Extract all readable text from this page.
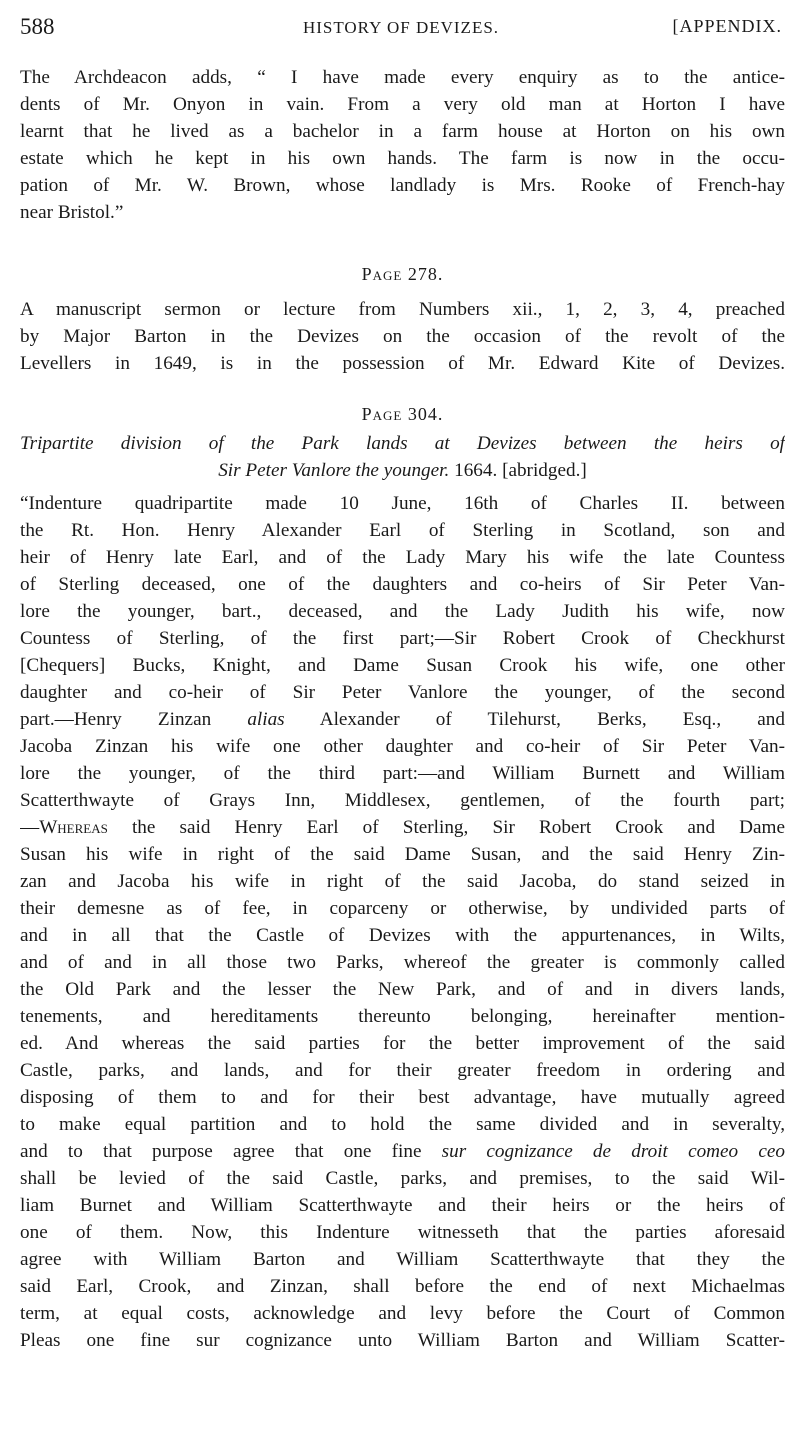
588	HISTORY OF DEVIZES.	[APPENDIX.
The Archdeacon adds, “ I have made every enquiry as to the antice-
dents of Mr. Onyon in vain. From a very old man at Horton I have
learnt that he lived as a bachelor in a farm house at Horton on his own
estate which he kept in his own hands. The farm is now in the occu-
pation of Mr. W. Brown, whose landlady is Mrs. Rooke of French-hay
near Bristol.”
Page 278.
A manuscript sermon or lecture from Numbers xii., 1, 2, 3, 4, preached
by Major Barton in the Devizes on the occasion of the revolt of the
Levellers in 1649, is in the possession of Mr. Edward Kite of Devizes.
Page 304.
Tripartite division of the Park lands at Devizes between the heirs of
Sir Peter Vanlore the younger. 1664. [abridged.]
“Indenture quadripartite made 10 June, 16th of Charles II. between
the Rt. Hon. Henry Alexander Earl of Sterling in Scotland, son and
heir of Henry late Earl, and of the Lady Mary his wife the late Countess
of Sterling deceased, one of the daughters and co-heirs of Sir Peter Van-
lore the younger, bart., deceased, and the Lady Judith his wife, now
Countess of Sterling, of the first part;—Sir Robert Crook of Checkhurst
[Chequers] Bucks, Knight, and Dame Susan Crook his wife, one other
daughter and co-heir of Sir Peter Vanlore the younger, of the second
part.—Henry Zinzan alias Alexander of Tilehurst, Berks, Esq., and
Jacoba Zinzan his wife one other daughter and co-heir of Sir Peter Van-
lore the younger, of the third part:—and William Burnett and William
Scatterthwayte of Grays Inn, Middlesex, gentlemen, of the fourth part;
—Whereas the said Henry Earl of Sterling, Sir Robert Crook and Dame
Susan his wife in right of the said Dame Susan, and the said Henry Zin-
zan and Jacoba his wife in right of the said Jacoba, do stand seized in
their demesne as of fee, in coparceny or otherwise, by undivided parts of
and in all that the Castle of Devizes with the appurtenances, in Wilts,
and of and in all those two Parks, whereof the greater is commonly called
the Old Park and the lesser the New Park, and of and in divers lands,
tenements, and hereditaments thereunto belonging, hereinafter mention-
ed. And whereas the said parties for the better improvement of the said
Castle, parks, and lands, and for their greater freedom in ordering and
disposing of them to and for their best advantage, have mutually agreed
to make equal partition and to hold the same divided and in severalty,
and to that purpose agree that one fine sur cognizance de droit comeo ceo
shall be levied of the said Castle, parks, and premises, to the said Wil-
liam Burnet and William Scatterthwayte and their heirs or the heirs of
one of them. Now, this Indenture witnesseth that the parties aforesaid
agree with William Barton and William Scatterthwayte that they the
said Earl, Crook, and Zinzan, shall before the end of next Michaelmas
term, at equal costs, acknowledge and levy before the Court of Common
Pleas one fine sur cognizance unto William Barton and William Scatter-
